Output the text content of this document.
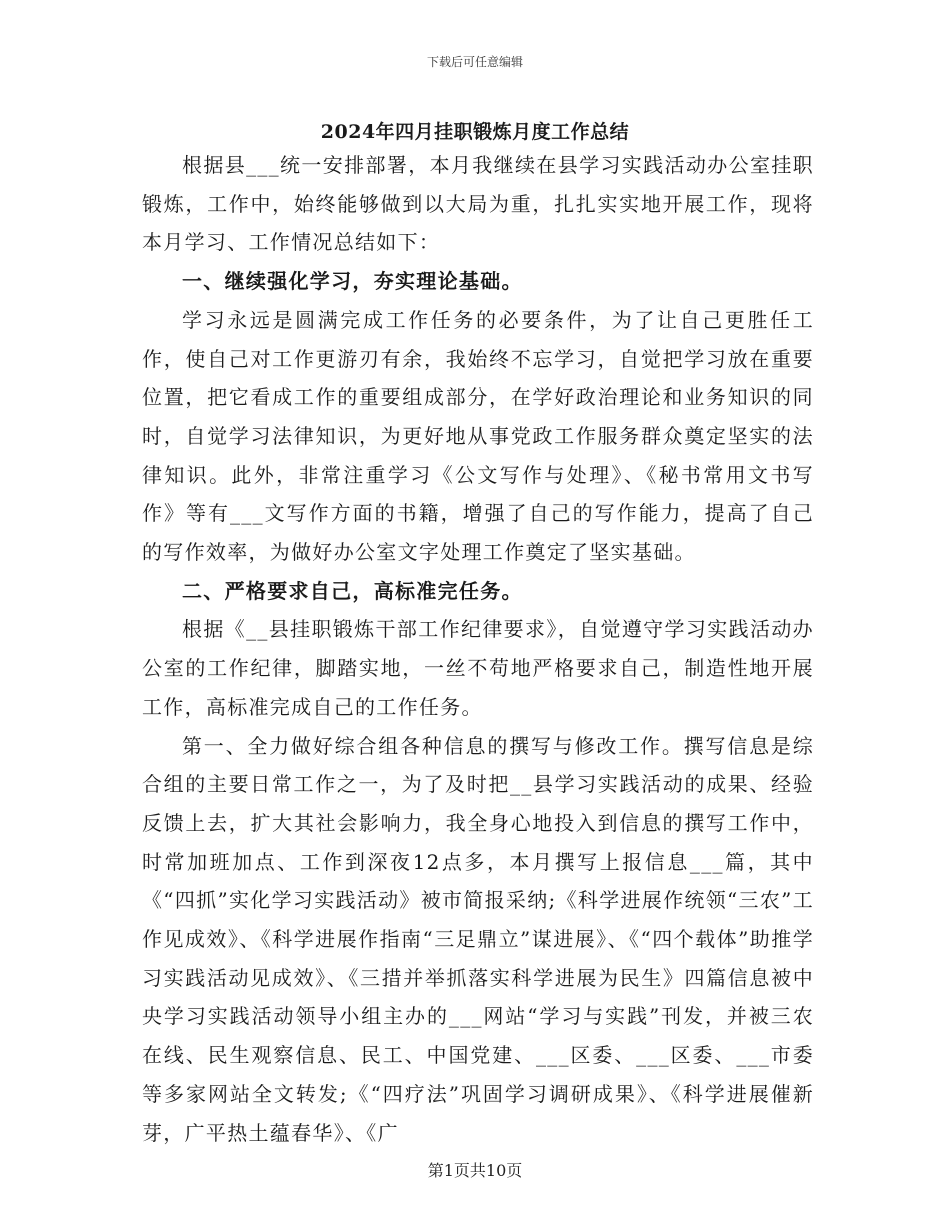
下载后可任意编辑
2024年四月挂职锻炼月度工作总结

根据县___统一安排部署，本月我继续在县学习实践活动办公室挂职锻炼，工作中，始终能够做到以大局为重，扎扎实实地开展工作，现将本月学习、工作情况总结如下：

一、继续强化学习，夯实理论基础。

学习永远是圆满完成工作任务的必要条件，为了让自己更胜任工作，使自己对工作更游刃有余，我始终不忘学习，自觉把学习放在重要位置，把它看成工作的重要组成部分，在学好政治理论和业务知识的同时，自觉学习法律知识，为更好地从事党政工作服务群众奠定坚实的法律知识。此外，非常注重学习《公文写作与处理》、《秘书常用文书写作》等有___文写作方面的书籍，增强了自己的写作能力，提高了自己的写作效率，为做好办公室文字处理工作奠定了坚实基础。

二、严格要求自己，高标准完任务。

根据《__县挂职锻炼干部工作纪律要求》，自觉遵守学习实践活动办公室的工作纪律，脚踏实地，一丝不苟地严格要求自己，制造性地开展工作，高标准完成自己的工作任务。

第一、全力做好综合组各种信息的撰写与修改工作。撰写信息是综合组的主要日常工作之一，为了及时把__县学习实践活动的成果、经验反馈上去，扩大其社会影响力，我全身心地投入到信息的撰写工作中，时常加班加点、工作到深夜12点多，本月撰写上报信息___篇，其中《“四抓”实化学习实践活动》被市简报采纳;《科学进展作统领“三农”工作见成效》、《科学进展作指南“三足鼎立”谋进展》、《“四个载体”助推学习实践活动见成效》、《三措并举抓落实科学进展为民生》四篇信息被中央学习实践活动领导小组主办的___网站“学习与实践”刊发，并被三农在线、民生观察信息、民工、中国党建、___区委、___区委、___市委等多家网站全文转发;《“四疗法”巩固学习调研成果》、《科学进展催新芽，广平热土蕴春华》、《广

第1页共10页
